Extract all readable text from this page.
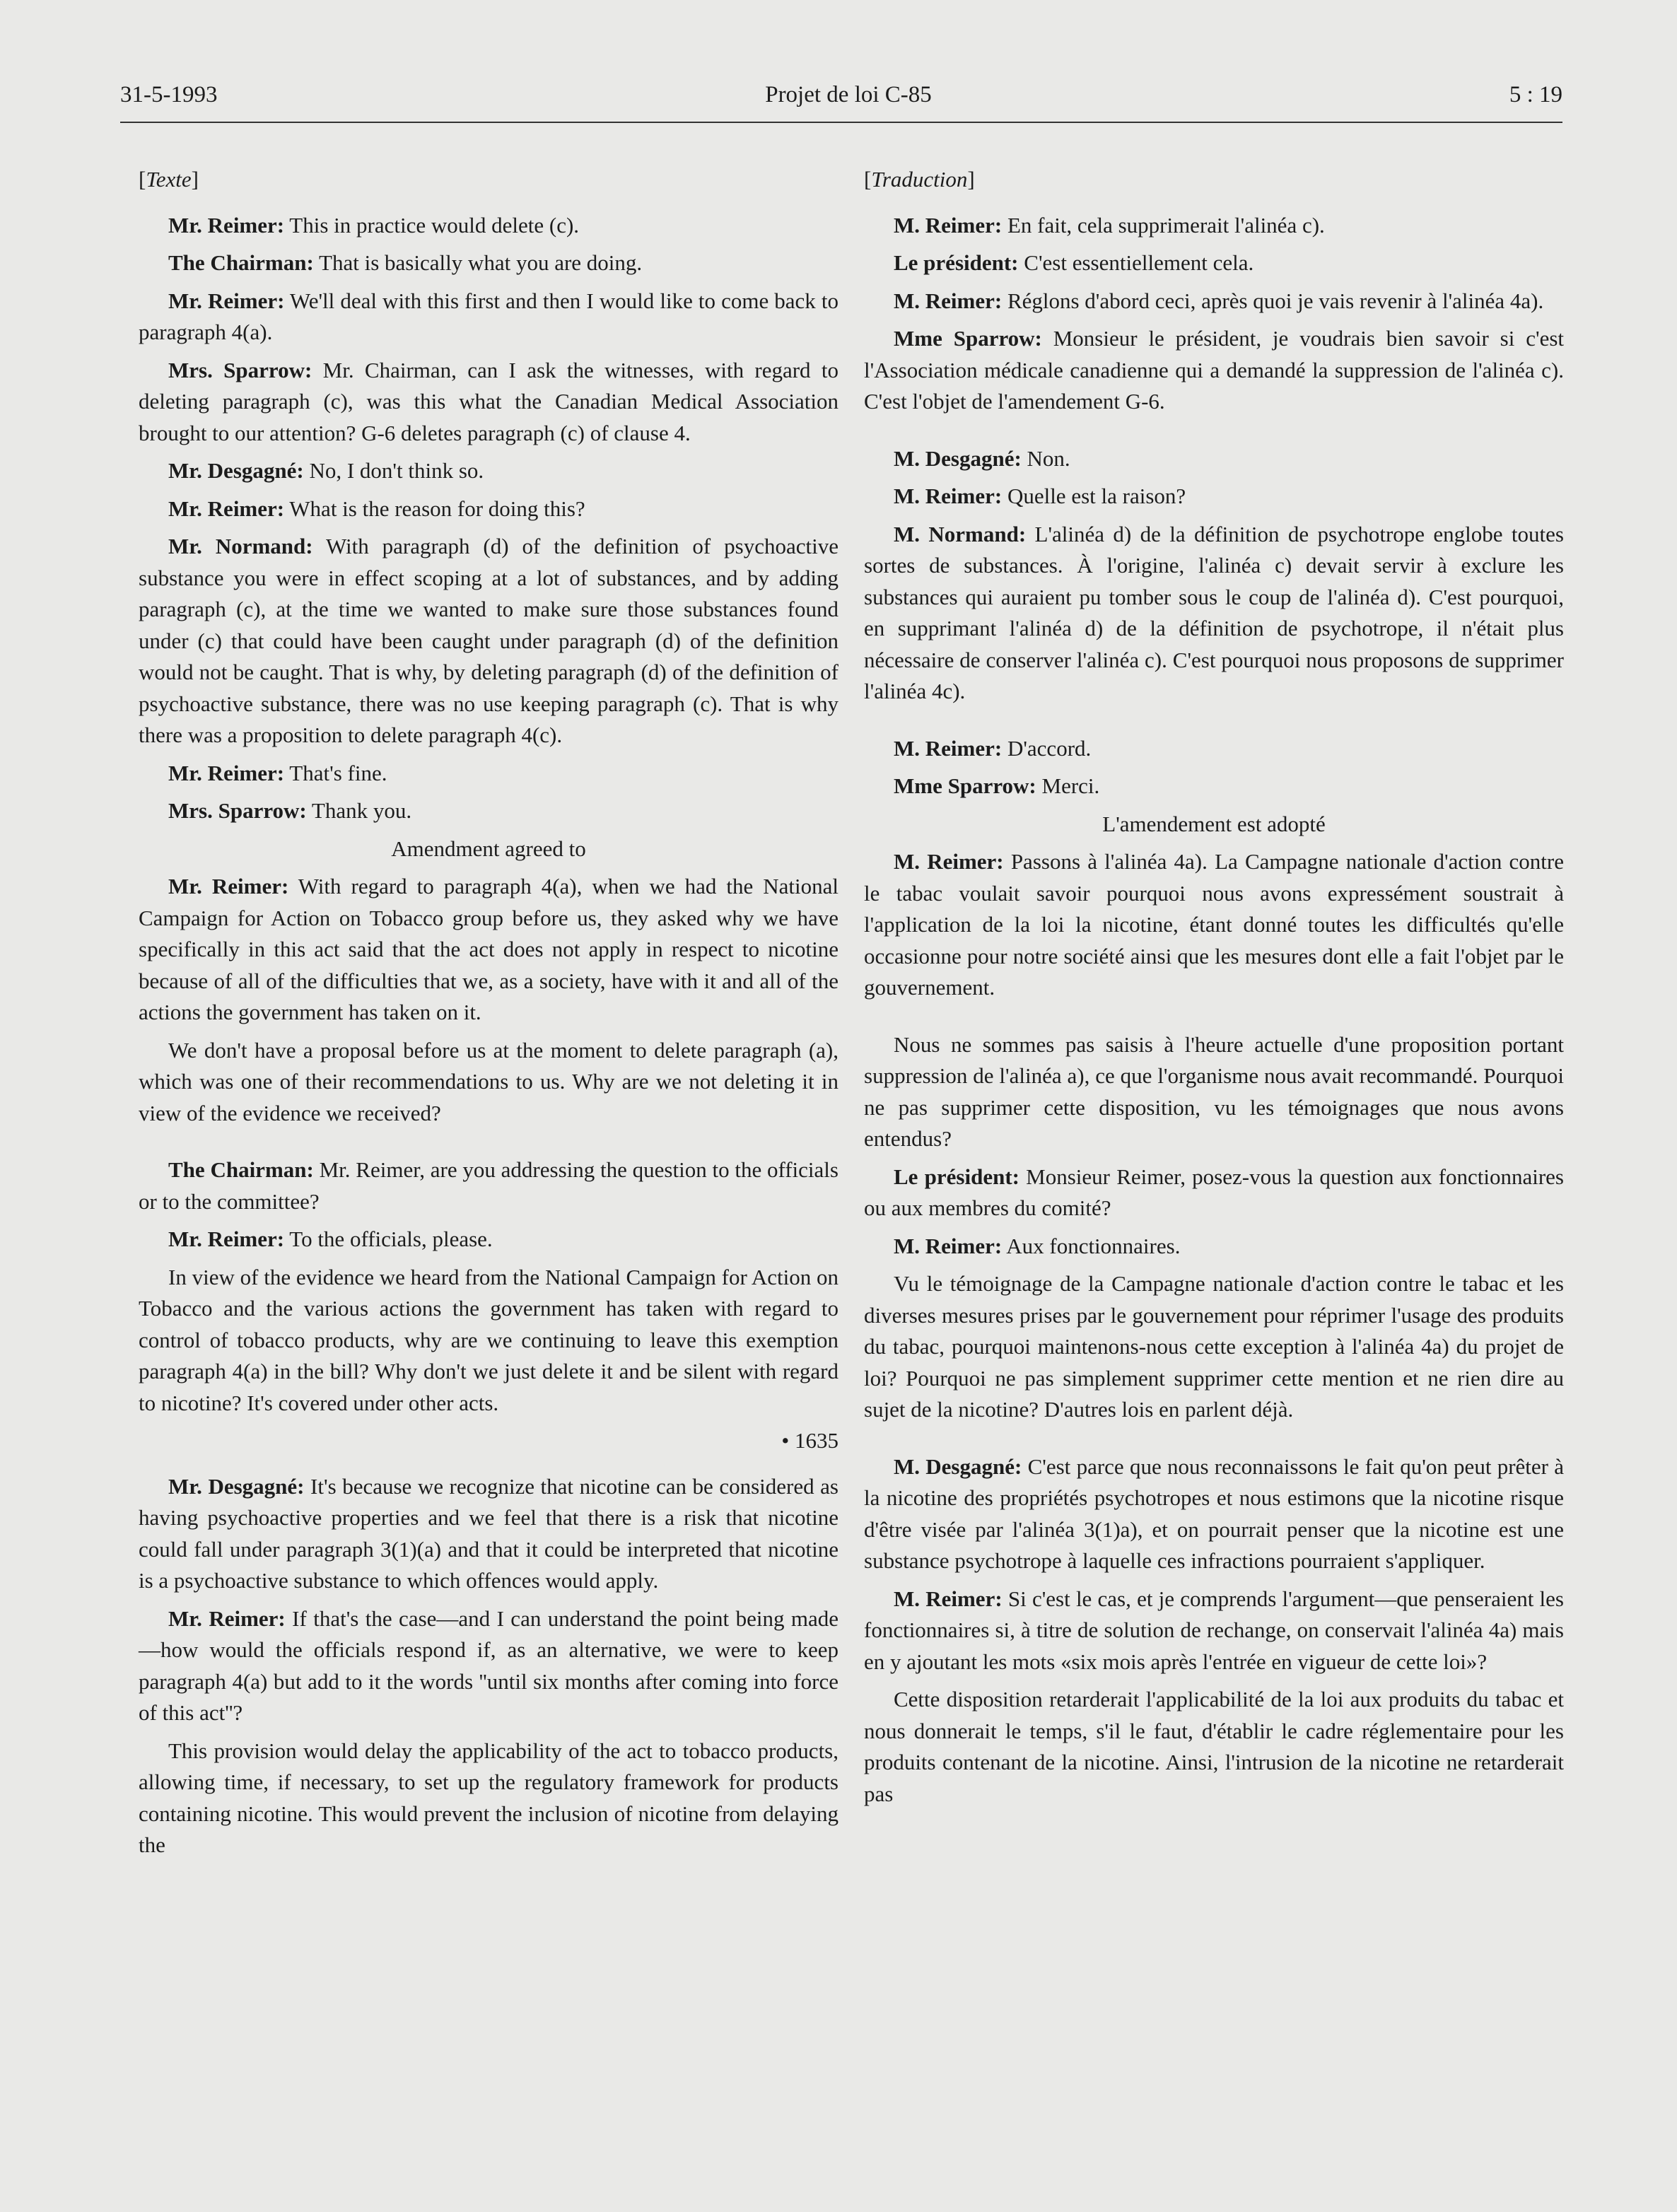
31-5-1993	Projet de loi C-85	5 : 19

[Texte]

Mr. Reimer: This in practice would delete (c).

The Chairman: That is basically what you are doing.

Mr. Reimer: We'll deal with this first and then I would like to come back to paragraph 4(a).

Mrs. Sparrow: Mr. Chairman, can I ask the witnesses, with regard to deleting paragraph (c), was this what the Canadian Medical Association brought to our attention? G-6 deletes paragraph (c) of clause 4.

Mr. Desgagné: No, I don't think so.

Mr. Reimer: What is the reason for doing this?

Mr. Normand: With paragraph (d) of the definition of psychoactive substance you were in effect scoping at a lot of substances, and by adding paragraph (c), at the time we wanted to make sure those substances found under (c) that could have been caught under paragraph (d) of the definition would not be caught. That is why, by deleting paragraph (d) of the definition of psychoactive substance, there was no use keeping paragraph (c). That is why there was a proposition to delete paragraph 4(c).

Mr. Reimer: That's fine.

Mrs. Sparrow: Thank you.

Amendment agreed to

Mr. Reimer: With regard to paragraph 4(a), when we had the National Campaign for Action on Tobacco group before us, they asked why we have specifically in this act said that the act does not apply in respect to nicotine because of all of the difficulties that we, as a society, have with it and all of the actions the government has taken on it.

We don't have a proposal before us at the moment to delete paragraph (a), which was one of their recommendations to us. Why are we not deleting it in view of the evidence we received?

The Chairman: Mr. Reimer, are you addressing the question to the officials or to the committee?

Mr. Reimer: To the officials, please.

In view of the evidence we heard from the National Campaign for Action on Tobacco and the various actions the government has taken with regard to control of tobacco products, why are we continuing to leave this exemption paragraph 4(a) in the bill? Why don't we just delete it and be silent with regard to nicotine? It's covered under other acts.

• 1635

Mr. Desgagné: It's because we recognize that nicotine can be considered as having psychoactive properties and we feel that there is a risk that nicotine could fall under paragraph 3(1)(a) and that it could be interpreted that nicotine is a psychoactive substance to which offences would apply.

Mr. Reimer: If that's the case—and I can understand the point being made—how would the officials respond if, as an alternative, we were to keep paragraph 4(a) but add to it the words ''until six months after coming into force of this act''?

This provision would delay the applicability of the act to tobacco products, allowing time, if necessary, to set up the regulatory framework for products containing nicotine. This would prevent the inclusion of nicotine from delaying the

[Traduction]

M. Reimer: En fait, cela supprimerait l'alinéa c).

Le président: C'est essentiellement cela.

M. Reimer: Réglons d'abord ceci, après quoi je vais revenir à l'alinéa 4a).

Mme Sparrow: Monsieur le président, je voudrais bien savoir si c'est l'Association médicale canadienne qui a demandé la suppression de l'alinéa c). C'est l'objet de l'amendement G-6.

M. Desgagné: Non.

M. Reimer: Quelle est la raison?

M. Normand: L'alinéa d) de la définition de psychotrope englobe toutes sortes de substances. À l'origine, l'alinéa c) devait servir à exclure les substances qui auraient pu tomber sous le coup de l'alinéa d). C'est pourquoi, en supprimant l'alinéa d) de la définition de psychotrope, il n'était plus nécessaire de conserver l'alinéa c). C'est pourquoi nous proposons de supprimer l'alinéa 4c).

M. Reimer: D'accord.

Mme Sparrow: Merci.

L'amendement est adopté

M. Reimer: Passons à l'alinéa 4a). La Campagne nationale d'action contre le tabac voulait savoir pourquoi nous avons expressément soustrait à l'application de la loi la nicotine, étant donné toutes les difficultés qu'elle occasionne pour notre société ainsi que les mesures dont elle a fait l'objet par le gouvernement.

Nous ne sommes pas saisis à l'heure actuelle d'une proposition portant suppression de l'alinéa a), ce que l'organisme nous avait recommandé. Pourquoi ne pas supprimer cette disposition, vu les témoignages que nous avons entendus?

Le président: Monsieur Reimer, posez-vous la question aux fonctionnaires ou aux membres du comité?

M. Reimer: Aux fonctionnaires.

Vu le témoignage de la Campagne nationale d'action contre le tabac et les diverses mesures prises par le gouvernement pour réprimer l'usage des produits du tabac, pourquoi maintenons-nous cette exception à l'alinéa 4a) du projet de loi? Pourquoi ne pas simplement supprimer cette mention et ne rien dire au sujet de la nicotine? D'autres lois en parlent déjà.

M. Desgagné: C'est parce que nous reconnaissons le fait qu'on peut prêter à la nicotine des propriétés psychotropes et nous estimons que la nicotine risque d'être visée par l'alinéa 3(1)a), et on pourrait penser que la nicotine est une substance psychotrope à laquelle ces infractions pourraient s'appliquer.

M. Reimer: Si c'est le cas, et je comprends l'argument—que penseraient les fonctionnaires si, à titre de solution de rechange, on conservait l'alinéa 4a) mais en y ajoutant les mots «six mois après l'entrée en vigueur de cette loi»?

Cette disposition retarderait l'applicabilité de la loi aux produits du tabac et nous donnerait le temps, s'il le faut, d'établir le cadre réglementaire pour les produits contenant de la nicotine. Ainsi, l'intrusion de la nicotine ne retarderait pas
